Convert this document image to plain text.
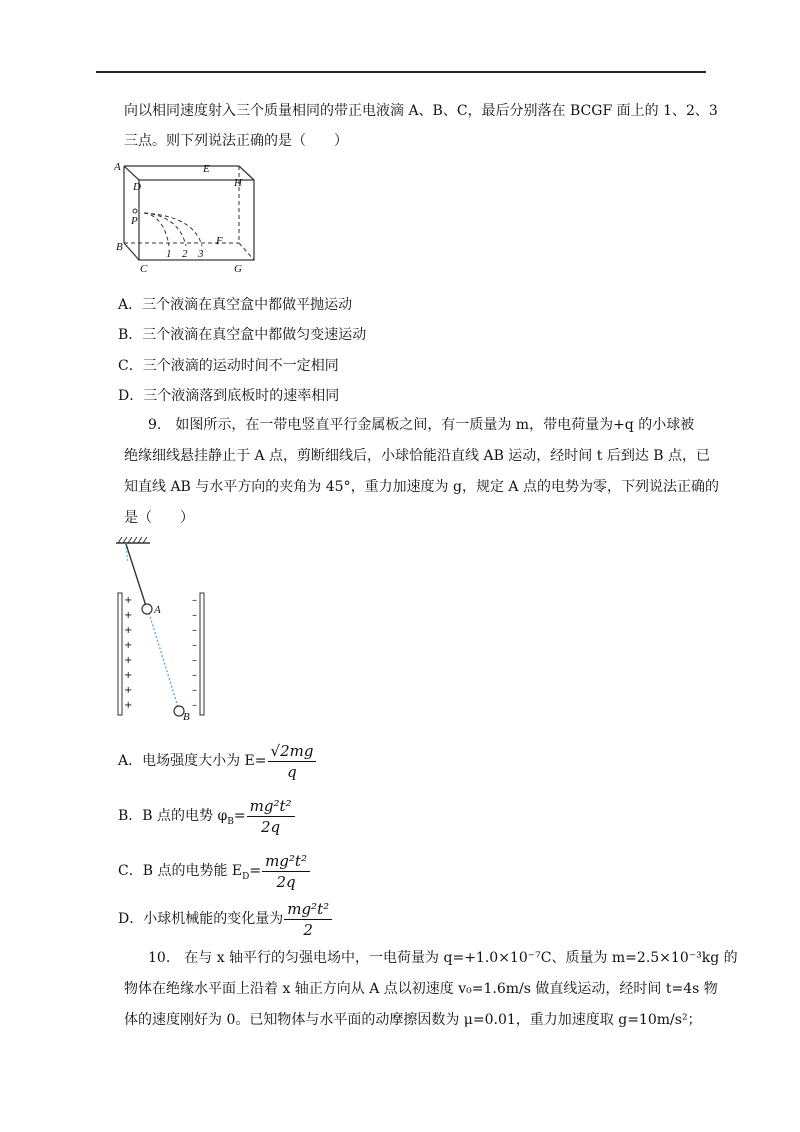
向以相同速度射入三个质量相同的带正电液滴 A、B、C，最后分别落在 BCGF 面上的 1、2、3
三点。则下列说法正确的是（　　）
A	E
D	H
P
B	F
C	G
1 2 3
A．三个液滴在真空盒中都做平抛运动
B．三个液滴在真空盒中都做匀变速运动
C．三个液滴的运动时间不一定相同
D．三个液滴落到底板时的速率相同
9.　如图所示，在一带电竖直平行金属板之间，有一质量为 m，带电荷量为+q 的小球被
绝缘细线悬挂静止于 A 点，剪断细线后，小球恰能沿直线 AB 运动，经时间 t 后到达 B 点，已
知直线 AB 与水平方向的夹角为 45°，重力加速度为 g，规定 A 点的电势为零，下列说法正确的
是（　　）
+
+
+
+
+
+
+
+
–
–
–
–
–
–
–
–
A
B
A．电场强度大小为 $E= \frac{√2mg}{q}$
B．B 点的电势 $\varphi_B= \frac{\text{mg²t²}}{2q}$
C．B 点的电势能 $E_D= \frac{\text{mg²t²}}{2q}$
D．小球机械能的变化量为 $\frac{\text{mg²t²}}{2}$
10.　在与 x 轴平行的匀强电场中，一电荷量为 q=+1.0×10⁻⁷C、质量为 m=2.5×10⁻³kg 的
物体在绝缘水平面上沿着 x 轴正方向从 A 点以初速度 v₀=1.6m/s 做直线运动，经时间 t=4s 物
体的速度刚好为 0。已知物体与水平面的动摩擦因数为 μ=0.01，重力加速度取 g=10m/s²；
